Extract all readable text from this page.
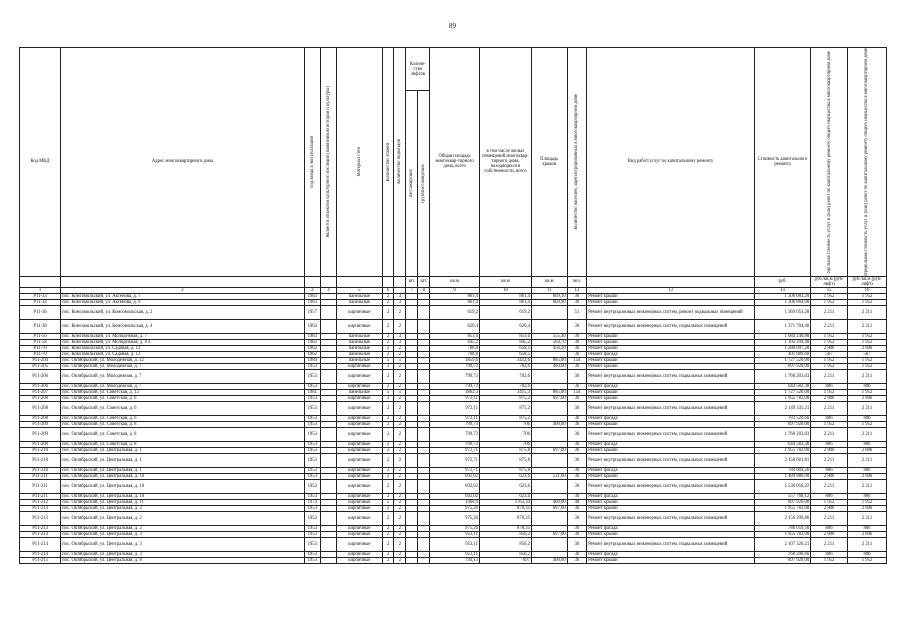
89
Код МКД	Адрес многоквартирного дома	Год ввода в эксплуатацию	Является объектом культурного наследия (памятником истории и культуры)	Материал стен	Количество этажей	Количество подъездов	Количе-ство лифтов		Общая площадь многоквар-тирного дома, всего	в том числе жилых помещений многоквар-тирного дома, находящихся в собственности, всего	Площадь крыши	Количество жителей, зарегистрированных в многоквартирном доме	Вид работ/услуг по капитальному ремонту	Стоимость капитального ремонта	Удельная стоимость услуг и (или) работ по капитальному ремонту общего имущества в многоквартирном доме	Предельная стоимость услуг и (или) работ по капитальному ремонту общего имущества в многоквартирном доме

							пассажирских	грузопассажирских								

							шт.	шт.	кв.м	кв.м	кв.м	чел.		руб.	руб./кв.м (руб/лифт)	руб./кв.м (руб/лифт)
1	2	3	4	5	6		7	8	9	10	11	12	13	14	15	16
Р11-33	пос. Комсомольский, ул. Аксенова, д. 7	1983		панельные	2	3			861,4	861,4	669,10	36	Ремонт крыши	1 306 083,20	1 952	1 952
Р11-34	пос. Комсомольский, ул. Аксенова, д. 9	1983		панельные	2	3			861,4	861,4	669,90	36	Ремонт крыши	1 306 864,00	1 952	1 952
Р11-36	пос. Комсомольский, ул. Комсомольская, д. 2	1957		кирпичные	2	2			619,2	619,2		51	Ремонт внутридомовых инженерных систем, ремонт подвальных помещений	1 369 053,20	2 211	2 211
Р11-38	пос. Комсомольский, ул. Комсомольская, д. 4	1963		кирпичные	2	2			620,4	620,4		36	Ремонт внутридомовых инженерных систем, подвальных помещений	1 371 704,40	2 211	2 211
Р11-56	пос. Комсомольский, ул. Молодежная, д. 7	1983		панельные	2	3			853,6	853,6	555,40	36	Ремонт крыши	1 084 140,80	1 952	1 952
Р11-58	пос. Комсомольский, ул. Молодежная, д. 8 а	1982		панельные	2	3			845,2	845,2	564,70	36	Ремонт крыши	1 102 294,40	1 952	1 952
Р11-70	пос. Комсомольский, ул. Садовая, д. 12	1962		панельные	2	2			708,8	658,5	456,20	36	Ремонт крыши	1 280 097,20	2 806	2 806
Р11-70	пос. Комсомольский, ул. Садовая, д. 12	1962		панельные	2	2			708,8	658,5		36	Ремонт фасада	401 889,60	567	567
Р11-204	пос. Октябрьский, ул. Молодежная, д. 12	1989		панельные	5	5			3859,6	3412,6	885,00	154	Ремонт крыши	1 727 520,00	1 952	1 952
Р11-205	пос. Октябрьский, ул. Молодежная, д. 7	1953		кирпичные	2	2			799,73	702,6	460,00	36	Ремонт крыши	897 920,00	1 952	1 952
Р11-206	пос. Октябрьский, ул. Молодежная, д. 7	1953		кирпичные	2	2			799,73	702,6		36	Ремонт внутридомовых инженерных систем, подвальных помещений	1 768 203,03	2 211	2 211
Р11-206	пос. Октябрьский, ул. Молодежная, д. 7	1953		кирпичные	2	2			799,73	702,6		36	Ремонт фасада	644 582,38	806	806
Р11-207	пос. Октябрьский, ул. Советская, д. 12	1981		панельные	5	5			3862,3	3415,3	885,00	154	Ремонт крыши	1 727 520,00	1 952	1 952
Р11-208	пос. Октябрьский, ул. Советская, д. 6	1953		кирпичные	2	2			972,11	875,2	697,00	36	Ремонт крыши	1 955 782,00	2 806	2 806
Р11-208	пос. Октябрьский, ул. Советская, д. 6	1953		кирпичные	2	2			972,11	875,2		36	Ремонт внутридомовых инженерных систем, подвальных помещений	2 149 335,21	2 211	2 211
Р11-208	пос. Октябрьский, ул. Советская, д. 6	1953		кирпичные	2	2			972,11	875,2		36	Ремонт фасада	783 520,66	806	806
Р11-209	пос. Октябрьский, ул. Советская, д. 8	1953		кирпичные	2	2			799,73	706	460,00	36	Ремонт крыши	897 920,00	1 952	1 952
Р11-209	пос. Октябрьский, ул. Советская, д. 8	1953		кирпичные	2	2			799,73	706		36	Ремонт внутридомовых инженерных систем, подвальных помещений	1 768 203,03	2 211	2 211
Р11-209	пос. Октябрьский, ул. Советская, д. 8	1953		кирпичные	2	2			799,73	706		36	Ремонт фасада	644 582,38	806	806
Р11-210	пос. Октябрьский, ул. Центральная, д. 1	1953		кирпичные	2	2			972,71	875,8	697,00	36	Ремонт крыши	1 955 782,00	2 806	2 806
Р11-210	пос. Октябрьский, ул. Центральная, д. 1	1953		кирпичные	2	2			972,71	875,8		36	Ремонт внутридомовых инженерных систем, подвальных помещений	2 150 661,81	2 211	2 211
Р11-210	пос. Октябрьский, ул. Центральная, д. 1	1953		кирпичные	2	2			972,71	875,8		36	Ремонт фасада	784 004,26	806	806
Р11-211	пос. Октябрьский, ул. Центральная, д. 10	1953		кирпичные	2	2			692,02	623,6	531,00	36	Ремонт крыши	1 489 986,00	2 806	2 806
Р11-211	пос. Октябрьский, ул. Центральная, д. 10	1953		кирпичные	2	2			692,02	623,6		36	Ремонт внутридомовых инженерных систем, подвальных помещений	1 530 056,22	2 211	2 211
Р11-211	пос. Октябрьский, ул. Центральная, д. 10	1953		кирпичные	2	2			692,02	623,6		36	Ремонт фасада	557 768,12	806	806
Р11-212	пос. Октябрьский, ул. Центральная, д. 11	1974		кирпичные	5	2			1960,9	1763,34	460,00	48	Ремонт крыши	897 920,00	1 952	1 952
Р11-213	пос. Октябрьский, ул. Центральная, д. 2	1953		кирпичные	2	2			975,26	878,35	697,00	36	Ремонт крыши	1 955 782,00	2 806	2 806
Р11-213	пос. Октябрьский, ул. Центральная, д. 2	1953		кирпичные	2	2			975,26	878,35		36	Ремонт внутридомовых инженерных систем, подвальных помещений	2 156 299,86	2 211	2 211
Р11-213	пос. Октябрьский, ул. Центральная, д. 2	1953		кирпичные	2	2			975,26	878,35		36	Ремонт фасада	786 059,56	806	806
Р11-214	пос. Октябрьский, ул. Центральная, д. 3	1953		кирпичные	2	2			953,11	856,2	697,00	36	Ремонт крыши	1 955 782,00	2 806	2 806
Р11-214	пос. Октябрьский, ул. Центральная, д. 3	1953		кирпичные	2	2			953,11	856,2		36	Ремонт внутридомовых инженерных систем, подвальных помещений	2 107 326,21	2 211	2 211
Р11-214	пос. Октябрьский, ул. Центральная, д. 3	1953		кирпичные	2	2			953,11	856,2		36	Ремонт фасада	768 206,66	806	806
Р11-215	пос. Октябрьский, ул. Центральная, д. 8	1953		кирпичные	2	2			794,13	697	460,00	36	Ремонт крыши	897 920,00	1 952	1 952
